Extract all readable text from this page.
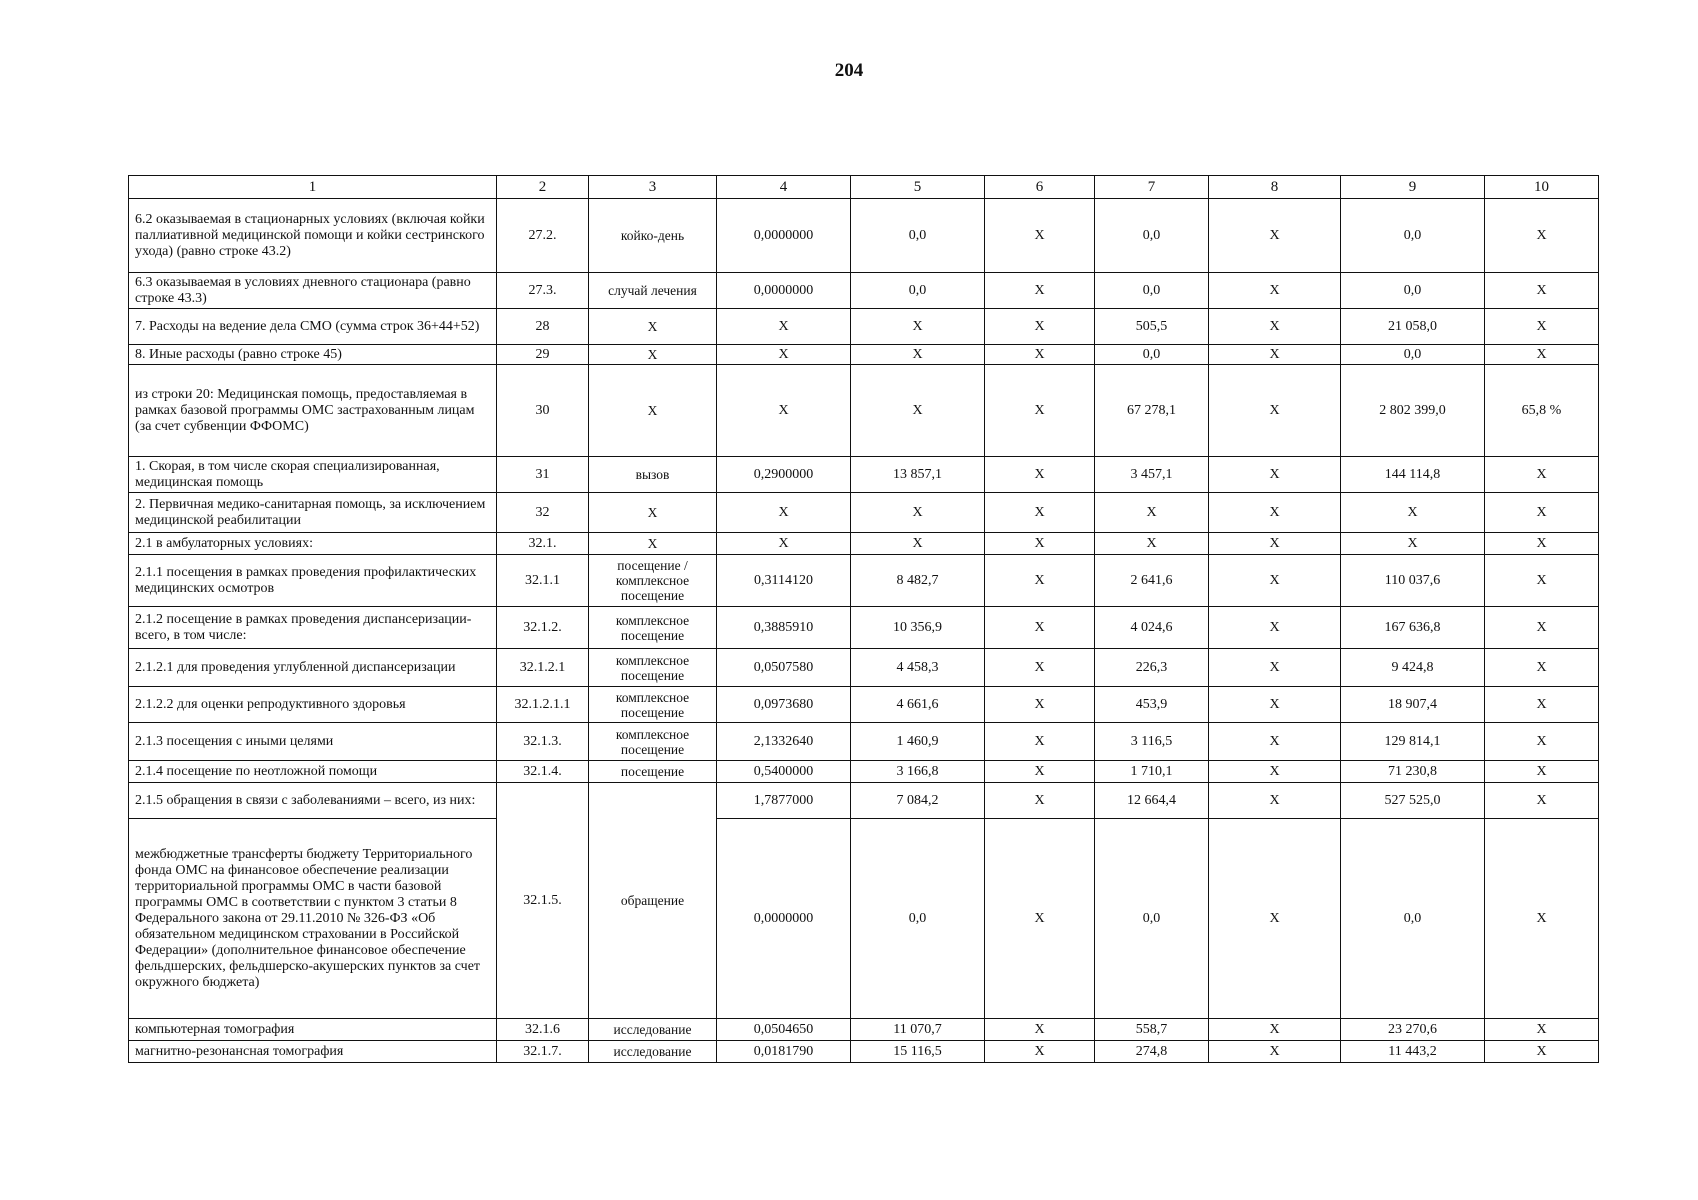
204
1	2	3	4	5	6	7	8	9	10
6.2 оказываемая в стационарных условиях (включая койки паллиативной медицинской помощи и койки сестринского ухода) (равно строке 43.2)	27.2.	койко-день	0,0000000	0,0	X	0,0	X	0,0	X
6.3 оказываемая в условиях дневного стационара (равно строке 43.3)	27.3.	случай лечения	0,0000000	0,0	X	0,0	X	0,0	X
7. Расходы на ведение дела СМО (сумма строк 36+44+52)	28	X	X	X	X	505,5	X	21 058,0	X
8. Иные расходы (равно строке 45)	29	X	X	X	X	0,0	X	0,0	X
из строки 20: Медицинская помощь, предоставляемая в рамках базовой программы ОМС застрахованным лицам (за счет субвенции ФФОМС)	30	X	X	X	X	67 278,1	X	2 802 399,0	65,8 %
1. Скорая, в том числе скорая специализированная, медицинская помощь	31	вызов	0,2900000	13 857,1	X	3 457,1	X	144 114,8	X
2. Первичная медико-санитарная помощь, за исключением медицинской реабилитации	32	X	X	X	X	X	X	X	X
2.1 в амбулаторных условиях:	32.1.	X	X	X	X	X	X	X	X
2.1.1 посещения в рамках проведения профилактических медицинских осмотров	32.1.1	посещение / комплексное посещение	0,3114120	8 482,7	X	2 641,6	X	110 037,6	X
2.1.2 посещение в рамках проведения диспансеризации-всего, в том числе:	32.1.2.	комплексное посещение	0,3885910	10 356,9	X	4 024,6	X	167 636,8	X
2.1.2.1 для проведения углубленной диспансеризации	32.1.2.1	комплексное посещение	0,0507580	4 458,3	X	226,3	X	9 424,8	X
2.1.2.2 для оценки репродуктивного здоровья	32.1.2.1.1	комплексное посещение	0,0973680	4 661,6	X	453,9	X	18 907,4	X
2.1.3 посещения с иными целями	32.1.3.	комплексное посещение	2,1332640	1 460,9	X	3 116,5	X	129 814,1	X
2.1.4 посещение по неотложной помощи	32.1.4.	посещение	0,5400000	3 166,8	X	1 710,1	X	71 230,8	X
2.1.5 обращения в связи с заболеваниями – всего, из них:	32.1.5.	обращение	1,7877000	7 084,2	X	12 664,4	X	527 525,0	X
межбюджетные трансферты бюджету Территориального фонда ОМС на финансовое обеспечение реализации территориальной программы ОМС в части базовой программы ОМС в соответствии с пунктом 3 статьи 8 Федерального закона от 29.11.2010 № 326-ФЗ «Об обязательном медицинском страховании в Российской Федерации» (дополнительное финансовое обеспечение фельдшерских, фельдшерско-акушерских пунктов за счет окружного бюджета)			0,0000000	0,0	X	0,0	X	0,0	X
компьютерная томография	32.1.6	исследование	0,0504650	11 070,7	X	558,7	X	23 270,6	X
магнитно-резонансная томография	32.1.7.	исследование	0,0181790	15 116,5	X	274,8	X	11 443,2	X
